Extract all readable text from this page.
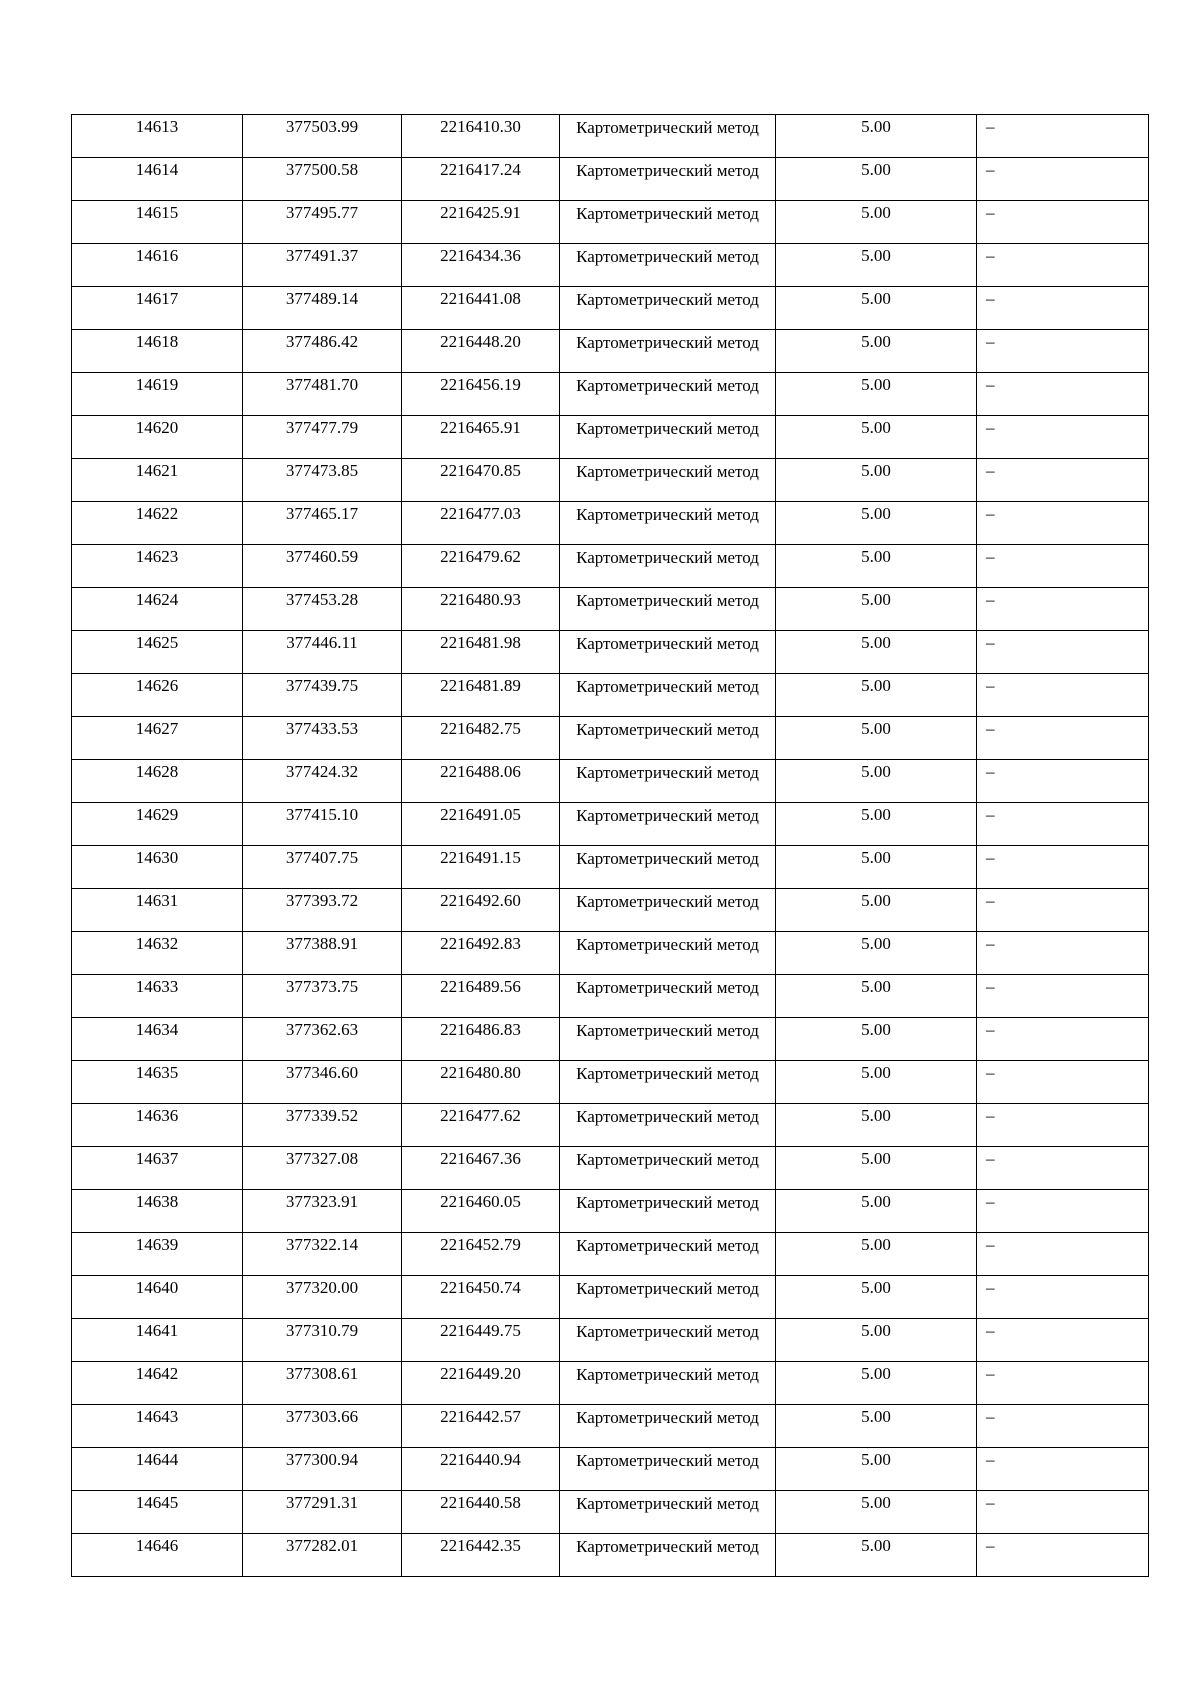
14613	377503.99	2216410.30	Картометрический метод	5.00	–

14614	377500.58	2216417.24	Картометрический метод	5.00	–

14615	377495.77	2216425.91	Картометрический метод	5.00	–

14616	377491.37	2216434.36	Картометрический метод	5.00	–

14617	377489.14	2216441.08	Картометрический метод	5.00	–

14618	377486.42	2216448.20	Картометрический метод	5.00	–

14619	377481.70	2216456.19	Картометрический метод	5.00	–

14620	377477.79	2216465.91	Картометрический метод	5.00	–

14621	377473.85	2216470.85	Картометрический метод	5.00	–

14622	377465.17	2216477.03	Картометрический метод	5.00	–

14623	377460.59	2216479.62	Картометрический метод	5.00	–

14624	377453.28	2216480.93	Картометрический метод	5.00	–

14625	377446.11	2216481.98	Картометрический метод	5.00	–

14626	377439.75	2216481.89	Картометрический метод	5.00	–

14627	377433.53	2216482.75	Картометрический метод	5.00	–

14628	377424.32	2216488.06	Картометрический метод	5.00	–

14629	377415.10	2216491.05	Картометрический метод	5.00	–

14630	377407.75	2216491.15	Картометрический метод	5.00	–

14631	377393.72	2216492.60	Картометрический метод	5.00	–

14632	377388.91	2216492.83	Картометрический метод	5.00	–

14633	377373.75	2216489.56	Картометрический метод	5.00	–

14634	377362.63	2216486.83	Картометрический метод	5.00	–

14635	377346.60	2216480.80	Картометрический метод	5.00	–

14636	377339.52	2216477.62	Картометрический метод	5.00	–

14637	377327.08	2216467.36	Картометрический метод	5.00	–

14638	377323.91	2216460.05	Картометрический метод	5.00	–

14639	377322.14	2216452.79	Картометрический метод	5.00	–

14640	377320.00	2216450.74	Картометрический метод	5.00	–

14641	377310.79	2216449.75	Картометрический метод	5.00	–

14642	377308.61	2216449.20	Картометрический метод	5.00	–

14643	377303.66	2216442.57	Картометрический метод	5.00	–

14644	377300.94	2216440.94	Картометрический метод	5.00	–

14645	377291.31	2216440.58	Картометрический метод	5.00	–

14646	377282.01	2216442.35	Картометрический метод	5.00	–
